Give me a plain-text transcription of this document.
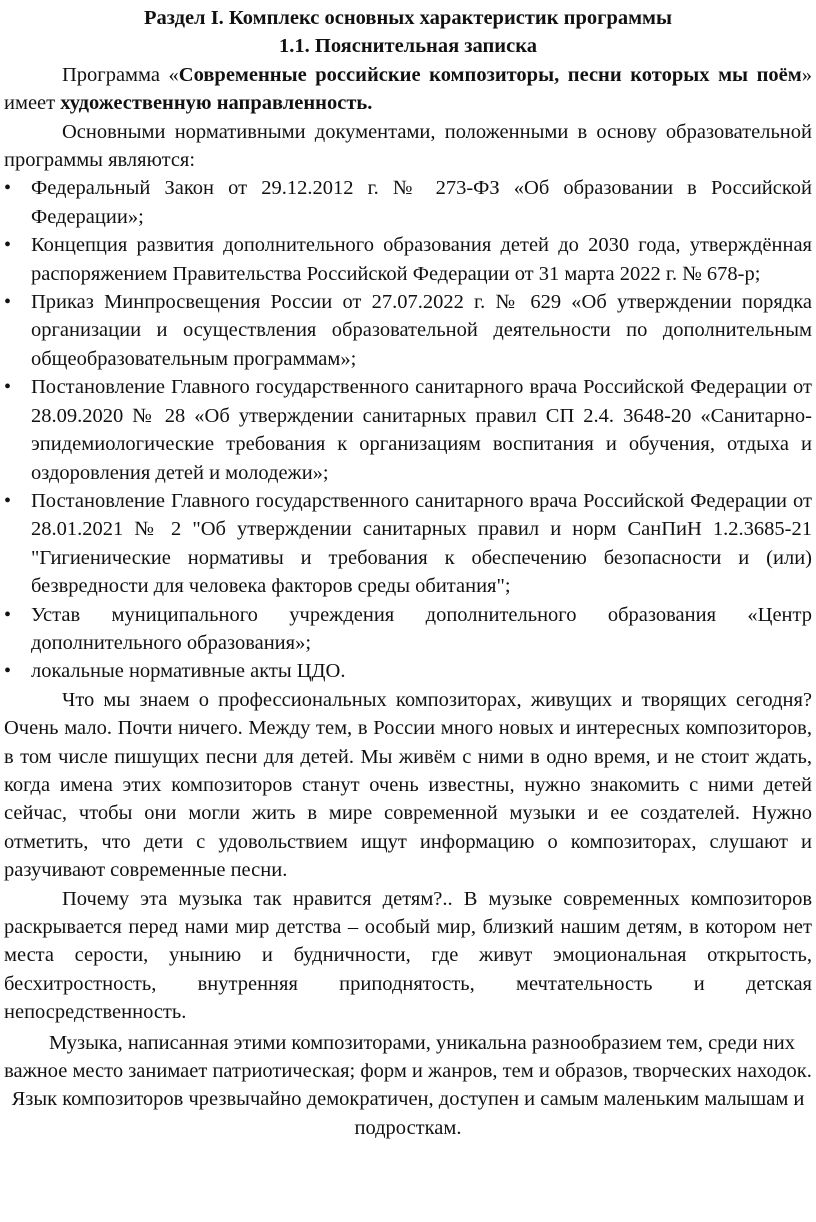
Раздел I. Комплекс основных характеристик программы

1.1. Пояснительная записка

Программа «Современные российские композиторы, песни которых мы поём» имеет художественную направленность.

Основными нормативными документами, положенными в основу образовательной программы являются:

• Федеральный Закон от 29.12.2012 г. № 273-ФЗ «Об образовании в Российской Федерации»;
• Концепция развития дополнительного образования детей до 2030 года, утверждённая распоряжением Правительства Российской Федерации от 31 марта 2022 г. № 678-р;
• Приказ Минпросвещения России от 27.07.2022 г. № 629 «Об утверждении порядка организации и осуществления образовательной деятельности по дополнительным общеобразовательным программам»;
• Постановление Главного государственного санитарного врача Российской Федерации от 28.09.2020 № 28 «Об утверждении санитарных правил СП 2.4. 3648-20 «Санитарно-эпидемиологические требования к организациям воспитания и обучения, отдыха и оздоровления детей и молодежи»;
• Постановление Главного государственного санитарного врача Российской Федерации от 28.01.2021 № 2 "Об утверждении санитарных правил и норм СанПиН 1.2.3685-21 "Гигиенические нормативы и требования к обеспечению безопасности и (или) безвредности для человека факторов среды обитания";
• Устав муниципального учреждения дополнительного образования «Центр дополнительного образования»;
• локальные нормативные акты ЦДО.

Что мы знаем о профессиональных композиторах, живущих и творящих сегодня? Очень мало. Почти ничего. Между тем, в России много новых и интересных композиторов, в том числе пишущих песни для детей. Мы живём с ними в одно время, и не стоит ждать, когда имена этих композиторов станут очень известны, нужно знакомить с ними детей сейчас, чтобы они могли жить в мире современной музыки и ее создателей. Нужно отметить, что дети с удовольствием ищут информацию о композиторах, слушают и разучивают современные песни.

Почему эта музыка так нравится детям?.. В музыке современных композиторов раскрывается перед нами мир детства – особый мир, близкий нашим детям, в котором нет места серости, унынию и будничности, где живут эмоциональная открытость, бесхитростность, внутренняя приподнятость, мечтательность и детская непосредственность.

Музыка, написанная этими композиторами, уникальна разнообразием тем, среди них важное место занимает патриотическая; форм и жанров, тем и образов, творческих находок. Язык композиторов чрезвычайно демократичен, доступен и самым маленьким малышам и подросткам.
